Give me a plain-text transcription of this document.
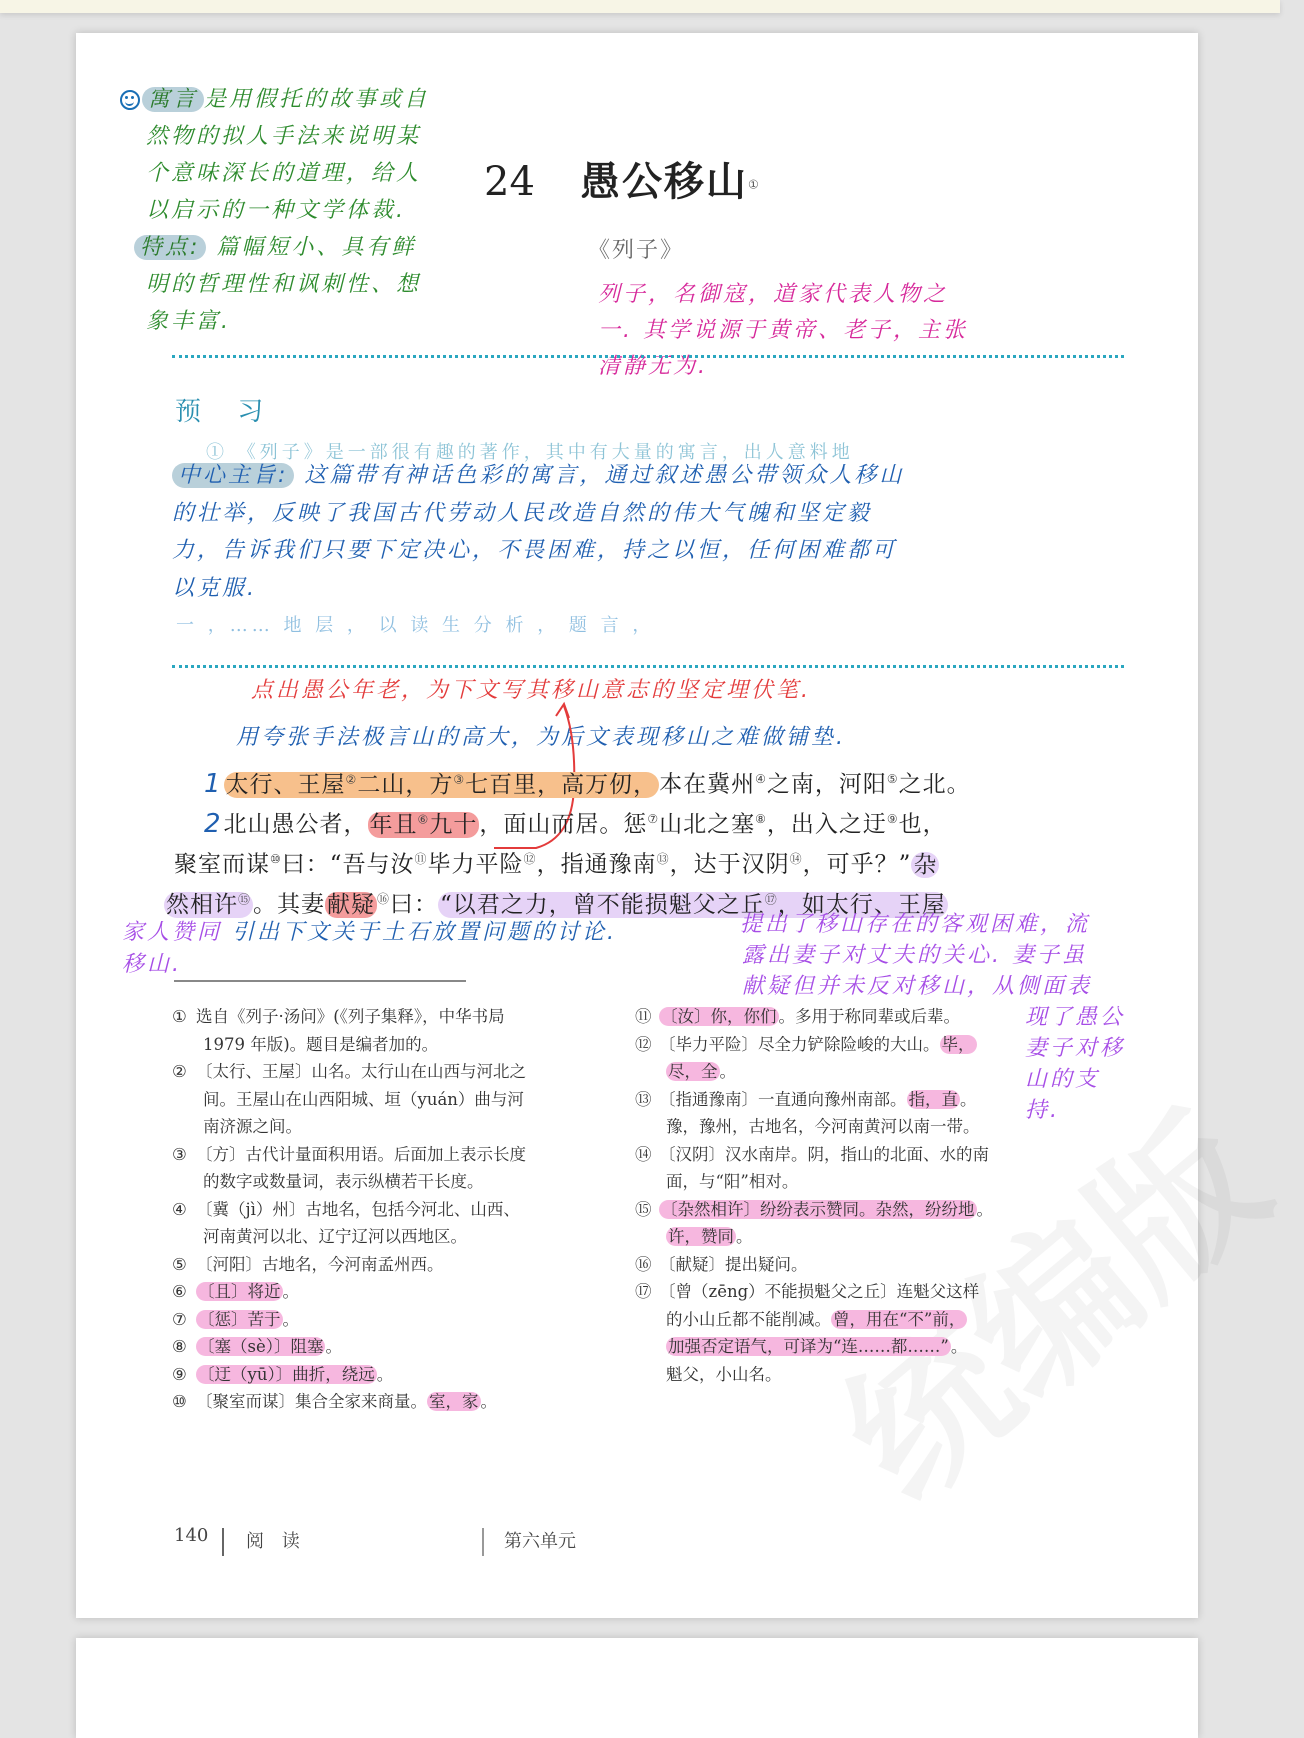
寓言 是用假托的故事或自
然物的拟人手法来说明某
个意味深长的道理，给人
以启示的一种文学体裁.
特点: 篇幅短小、具有鲜
明的哲理性和讽刺性、想
象丰富.
24 愚公移山①
《列子》
列子，名御寇，道家代表人物之
一. 其学说源于黄帝、老子，主张
清静无为.
预 习
① 《列子》是一部很有趣的著作，其中有大量的寓言，出人意料地
中心主旨: 这篇带有神话色彩的寓言，通过叙述愚公带领众人移山
的壮举，反映了我国古代劳动人民改造自然的伟大气魄和坚定毅
力，告诉我们只要下定决心，不畏困难，持之以恒，任何困难都可
以克服.
一 ，…… 地 层 ， 以 读 生 分 析 ， 题 言 ，
点出愚公年老，为下文写其移山意志的坚定埋伏笔.
用夸张手法极言山的高大，为后文表现移山之难做铺垫.
1 太行、王屋②二山，方③七百里，高万仞，本在冀州④之南，河阳⑤之北。
2北山愚公者，年且⑥九十，面山而居。惩⑦山北之塞⑧，出入之迂⑨也，
聚室而谋⑩曰：“吾与汝⑪毕力平险⑫，指通豫南⑬，达于汉阴⑭，可乎？”杂
然相许⑮。其妻献疑 ⑯曰：“以君之力，曾不能损魁父之丘⑰，如太行、王屋
家人赞同 引出下文关于土石放置问题的讨论.
移山.
提出了移山存在的客观困难，流
露出妻子对丈夫的关心. 妻子虽
献疑但并未反对移山，从侧面表
现了愚公
妻子对移
山的支
持.
① 选自《列子·汤问》(《列子集释》，中华书局
1979 年版)。题目是编者加的。
② 〔太行、王屋〕山名。太行山在山西与河北之
间。王屋山在山西阳城、垣（yuán）曲与河
南济源之间。
③ 〔方〕古代计量面积用语。后面加上表示长度
的数字或数量词，表示纵横若干长度。
④ 〔冀（jì）州〕古地名，包括今河北、山西、
河南黄河以北、辽宁辽河以西地区。
⑤ 〔河阳〕古地名，今河南孟州西。
⑥ 〔且〕将近 。
⑦ 〔惩〕苦于 。
⑧ 〔塞（sè）〕阻塞 。
⑨ 〔迂（yū）〕曲折，绕远 。
⑩ 〔聚室而谋〕集合全家来商量。 室，家 。
⑪ 〔汝〕你，你们 。多用于称同辈或后辈。
⑫ 〔毕力平险〕尽全力铲除险峻的大山。 毕，
尽，全 。
⑬ 〔指通豫南〕一直通向豫州南部。 指，直 。
豫，豫州，古地名，今河南黄河以南一带。
⑭ 〔汉阴〕汉水南岸。阴，指山的北面、水的南
面，与“阳”相对。
⑮ 〔杂然相许〕纷纷表示赞同。杂然，纷纷地 。
许，赞同 。
⑯ 〔献疑〕提出疑问。
⑰ 〔曾（zēng）不能损魁父之丘〕连魁父这样
的小山丘都不能削减。 曾，用在“不”前，
加强否定语气，可译为“连……都……” 。
魁父，小山名。
140 阅 读	第六单元
